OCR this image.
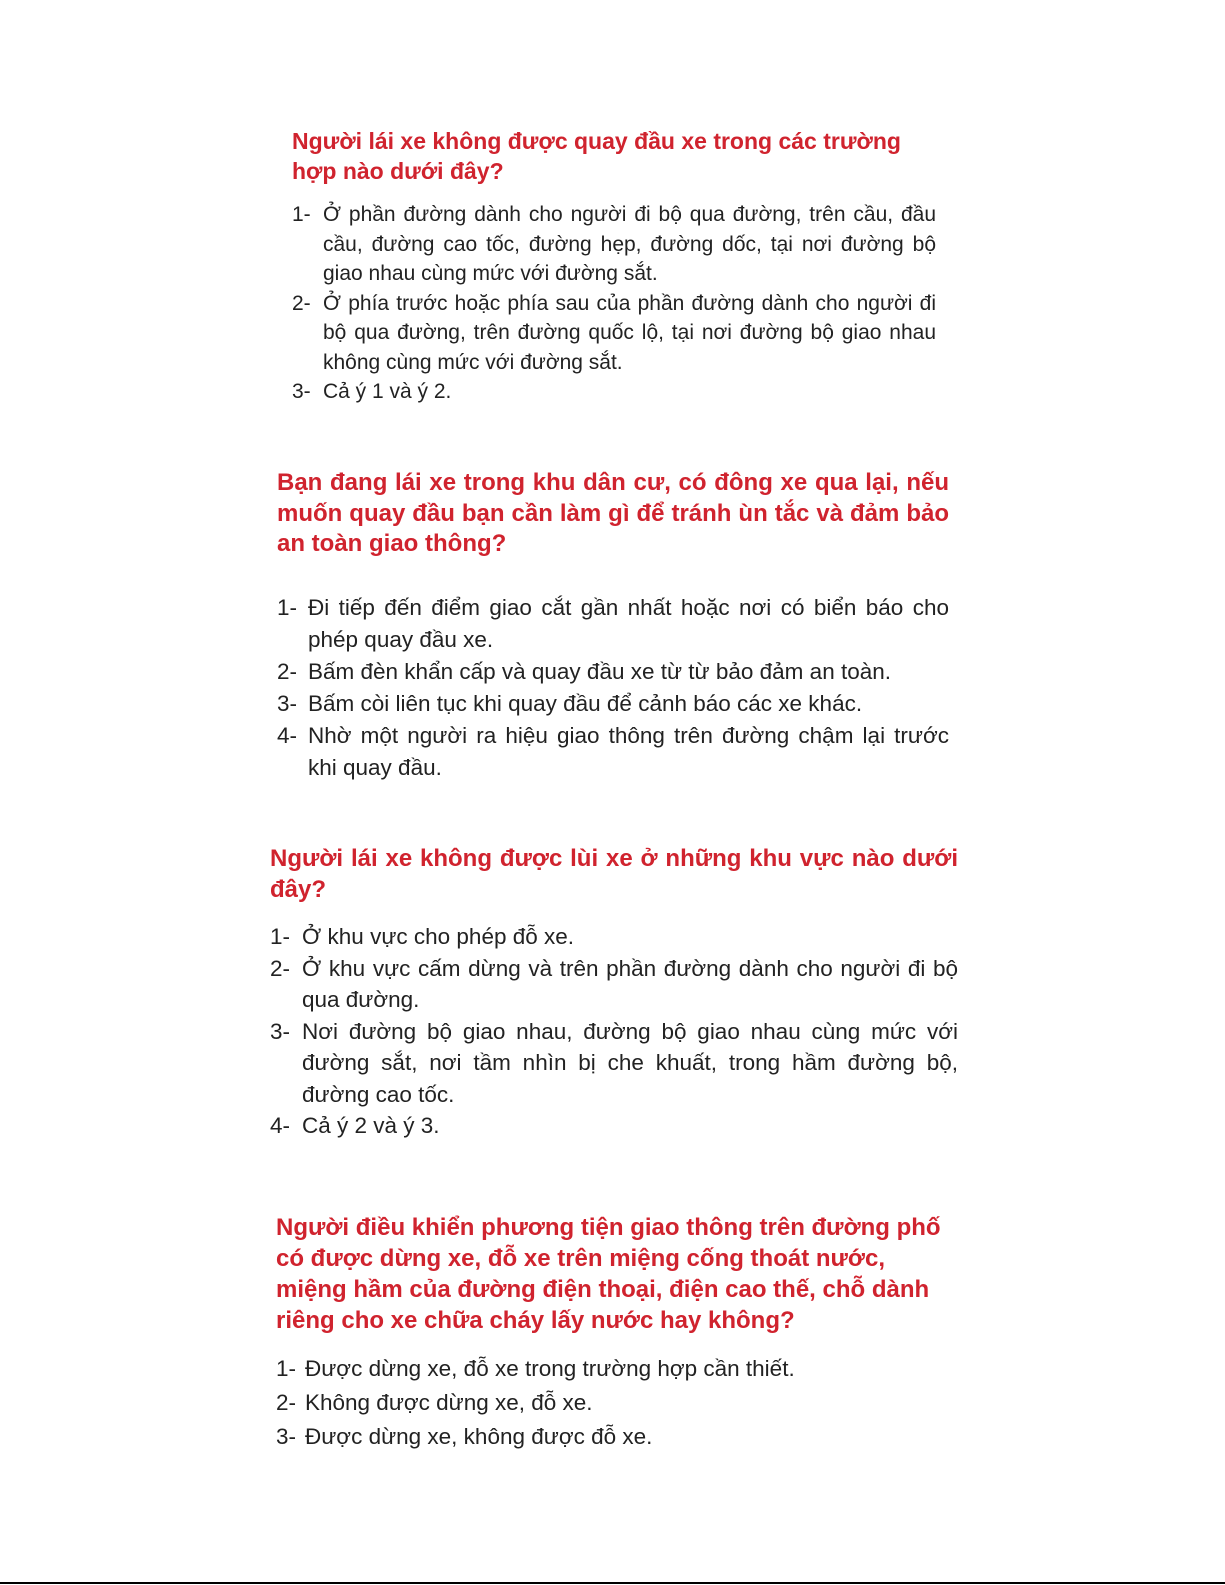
Người lái xe không được quay đầu xe trong các trường hợp nào dưới đây?
1- Ở phần đường dành cho người đi bộ qua đường, trên cầu, đầu cầu, đường cao tốc, đường hẹp, đường dốc, tại nơi đường bộ giao nhau cùng mức với đường sắt.
2- Ở phía trước hoặc phía sau của phần đường dành cho người đi bộ qua đường, trên đường quốc lộ, tại nơi đường bộ giao nhau không cùng mức với đường sắt.
3- Cả ý 1 và ý 2.
Bạn đang lái xe trong khu dân cư, có đông xe qua lại, nếu muốn quay đầu bạn cần làm gì để tránh ùn tắc và đảm bảo an toàn giao thông?
1- Đi tiếp đến điểm giao cắt gần nhất hoặc nơi có biển báo cho phép quay đầu xe.
2- Bấm đèn khẩn cấp và quay đầu xe từ từ bảo đảm an toàn.
3- Bấm còi liên tục khi quay đầu để cảnh báo các xe khác.
4- Nhờ một người ra hiệu giao thông trên đường chậm lại trước khi quay đầu.
Người lái xe không được lùi xe ở những khu vực nào dưới đây?
1- Ở khu vực cho phép đỗ xe.
2- Ở khu vực cấm dừng và trên phần đường dành cho người đi bộ qua đường.
3- Nơi đường bộ giao nhau, đường bộ giao nhau cùng mức với đường sắt, nơi tầm nhìn bị che khuất, trong hầm đường bộ, đường cao tốc.
4- Cả ý 2 và ý 3.
Người điều khiển phương tiện giao thông trên đường phố có được dừng xe, đỗ xe trên miệng cống thoát nước, miệng hầm của đường điện thoại, điện cao thế, chỗ dành riêng cho xe chữa cháy lấy nước hay không?
1- Được dừng xe, đỗ xe trong trường hợp cần thiết.
2- Không được dừng xe, đỗ xe.
3- Được dừng xe, không được đỗ xe.
